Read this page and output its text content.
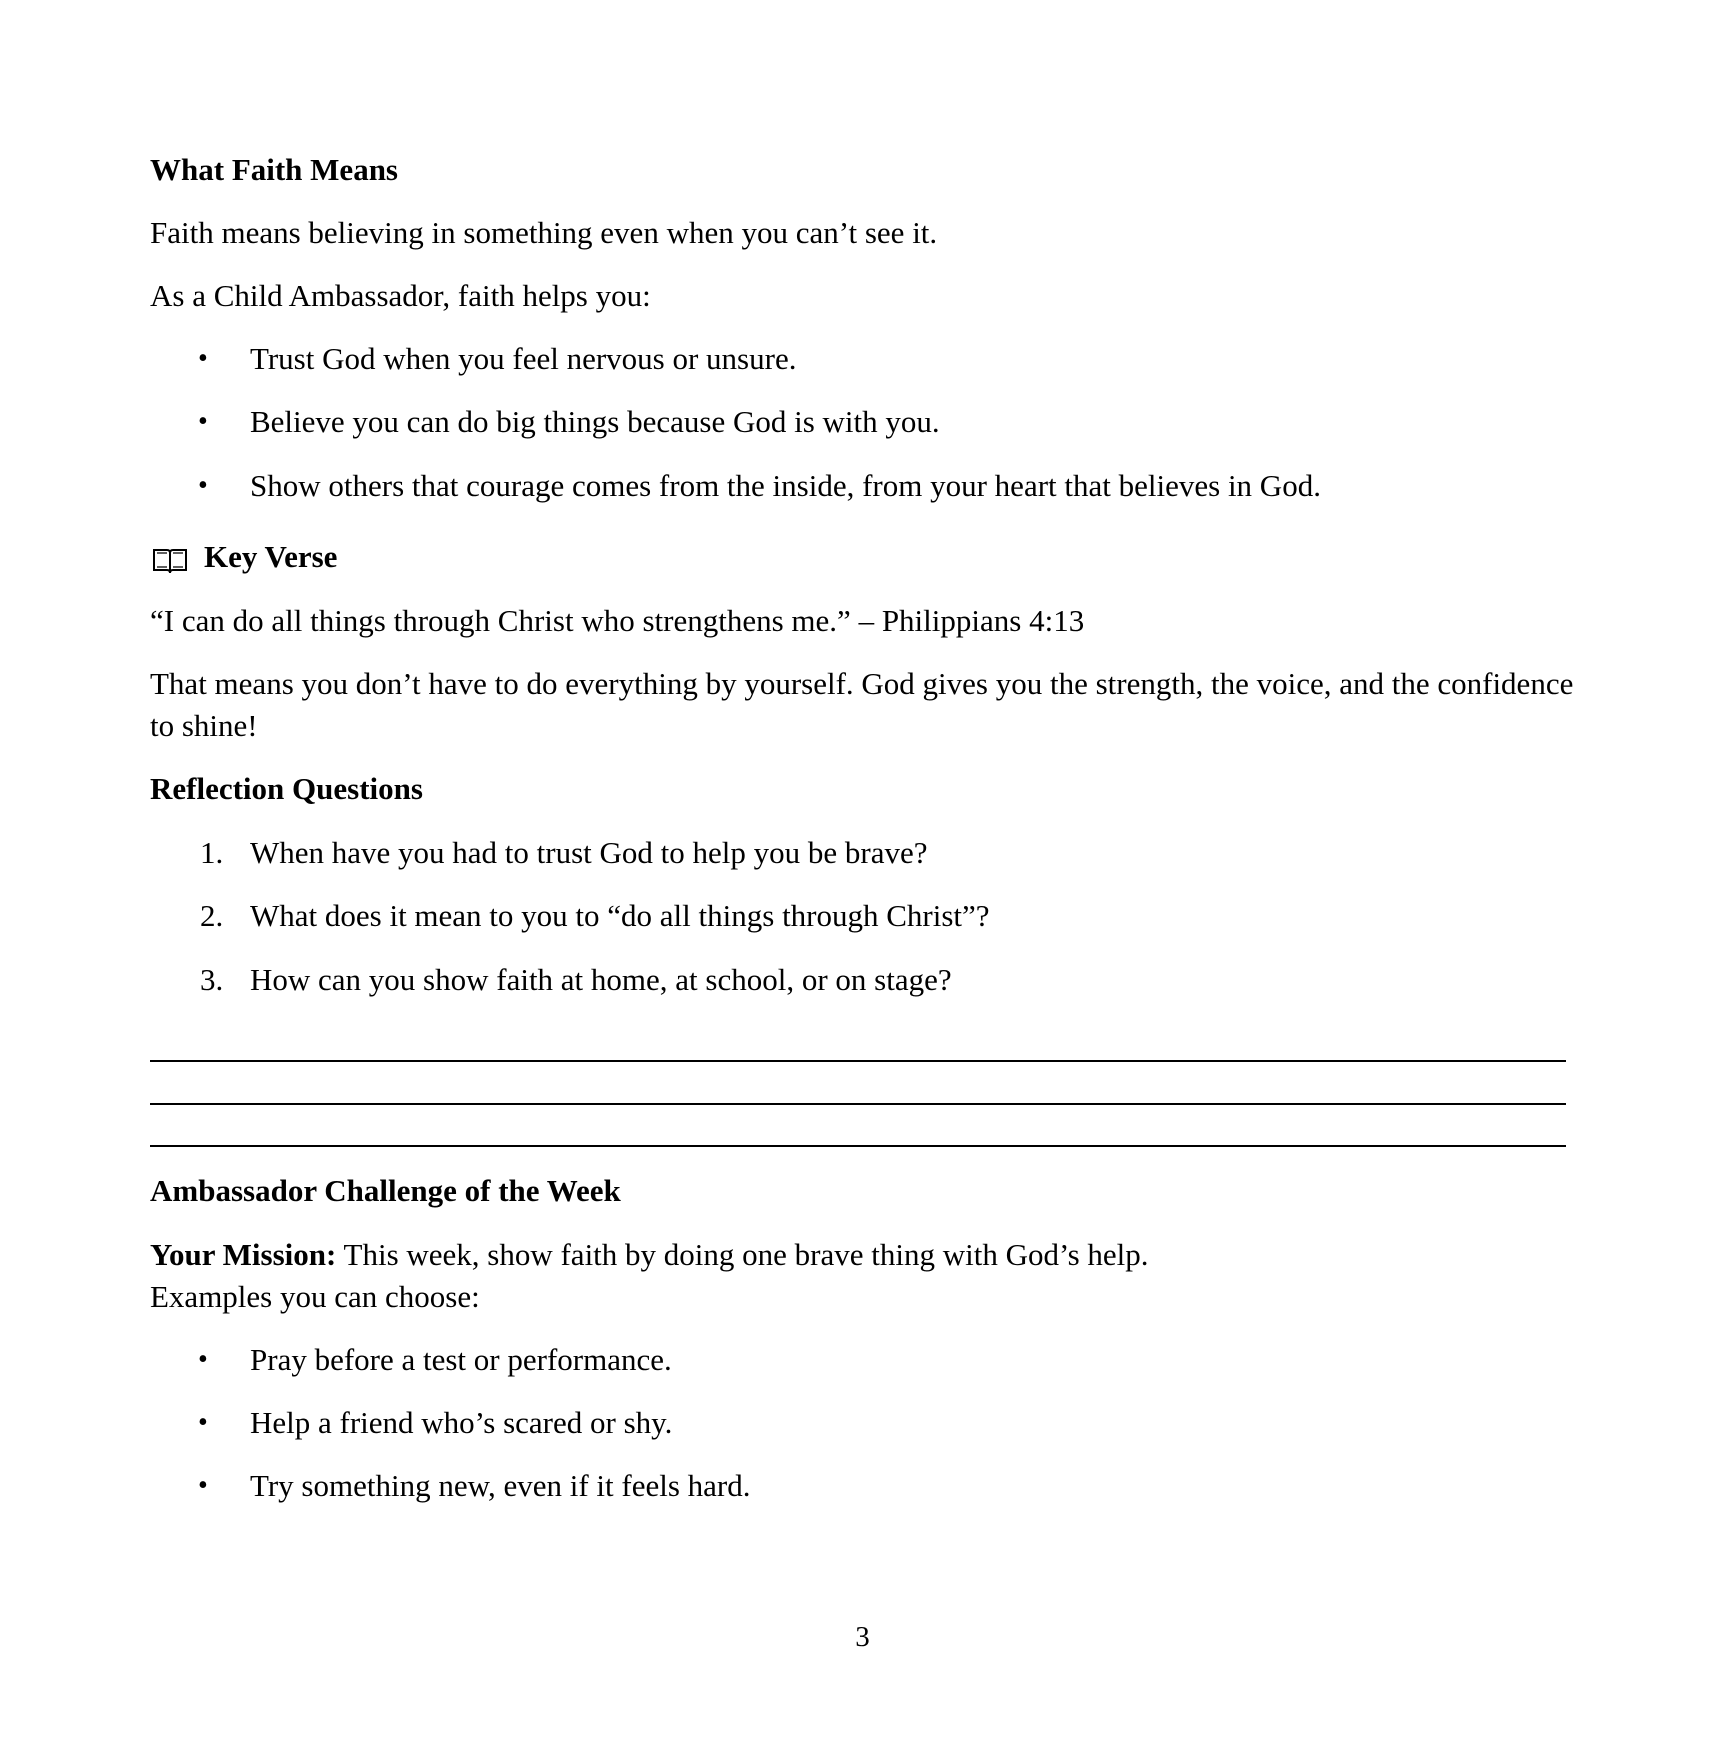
What Faith Means
Faith means believing in something even when you can’t see it.
As a Child Ambassador, faith helps you:
• Trust God when you feel nervous or unsure.
• Believe you can do big things because God is with you.
• Show others that courage comes from the inside, from your heart that believes in God.
Key Verse
“I can do all things through Christ who strengthens me.” – Philippians 4:13
That means you don’t have to do everything by yourself. God gives you the strength, the voice, and the confidence to shine!
Reflection Questions
1. When have you had to trust God to help you be brave?
2. What does it mean to you to “do all things through Christ”?
3. How can you show faith at home, at school, or on stage?
Ambassador Challenge of the Week
Your Mission: This week, show faith by doing one brave thing with God’s help.
Examples you can choose:
• Pray before a test or performance.
• Help a friend who’s scared or shy.
• Try something new, even if it feels hard.
3
